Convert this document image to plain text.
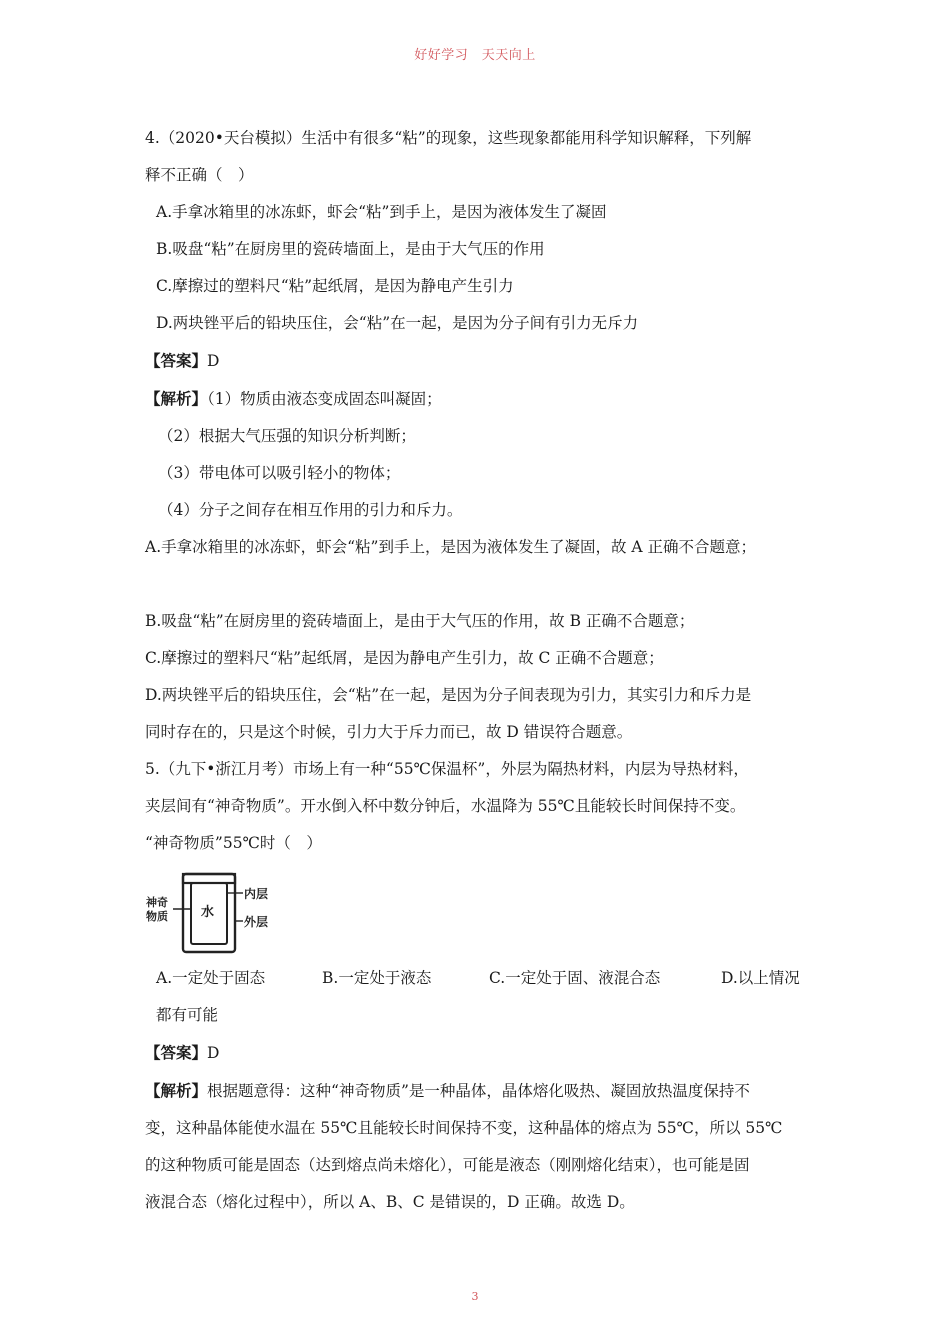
好好学习　天天向上
4.（2020•天台模拟）生活中有很多“粘”的现象，这些现象都能用科学知识解释，下列解
释不正确（　）
A.手拿冰箱里的冰冻虾，虾会“粘”到手上，是因为液体发生了凝固
B.吸盘“粘”在厨房里的瓷砖墙面上，是由于大气压的作用
C.摩擦过的塑料尺“粘”起纸屑，是因为静电产生引力
D.两块锉平后的铅块压住，会“粘”在一起，是因为分子间有引力无斥力
【答案】D
【解析】（1）物质由液态变成固态叫凝固；
（2）根据大气压强的知识分析判断；
（3）带电体可以吸引轻小的物体；
（4）分子之间存在相互作用的引力和斥力。
A.手拿冰箱里的冰冻虾，虾会“粘”到手上，是因为液体发生了凝固，故 A 正确不合题意；
B.吸盘“粘”在厨房里的瓷砖墙面上，是由于大气压的作用，故 B 正确不合题意；
C.摩擦过的塑料尺“粘”起纸屑，是因为静电产生引力，故 C 正确不合题意；
D.两块锉平后的铅块压住，会“粘”在一起，是因为分子间表现为引力，其实引力和斥力是
同时存在的，只是这个时候，引力大于斥力而已，故 D 错误符合题意。
5.（九下•浙江月考）市场上有一种“55℃保温杯”，外层为隔热材料，内层为导热材料，
夹层间有“神奇物质”。开水倒入杯中数分钟后，水温降为 55℃且能较长时间保持不变。
“神奇物质”55℃时（　）
水
内层
外层
神奇
物质
A.一定处于固态	B.一定处于液态	C.一定处于固、液混合态	D.以上情况
都有可能
【答案】D
【解析】根据题意得：这种“神奇物质”是一种晶体，晶体熔化吸热、凝固放热温度保持不
变，这种晶体能使水温在 55℃且能较长时间保持不变，这种晶体的熔点为 55℃，所以 55℃
的这种物质可能是固态（达到熔点尚未熔化），可能是液态（刚刚熔化结束），也可能是固
液混合态（熔化过程中），所以 A、B、C 是错误的，D 正确。故选 D。
3
